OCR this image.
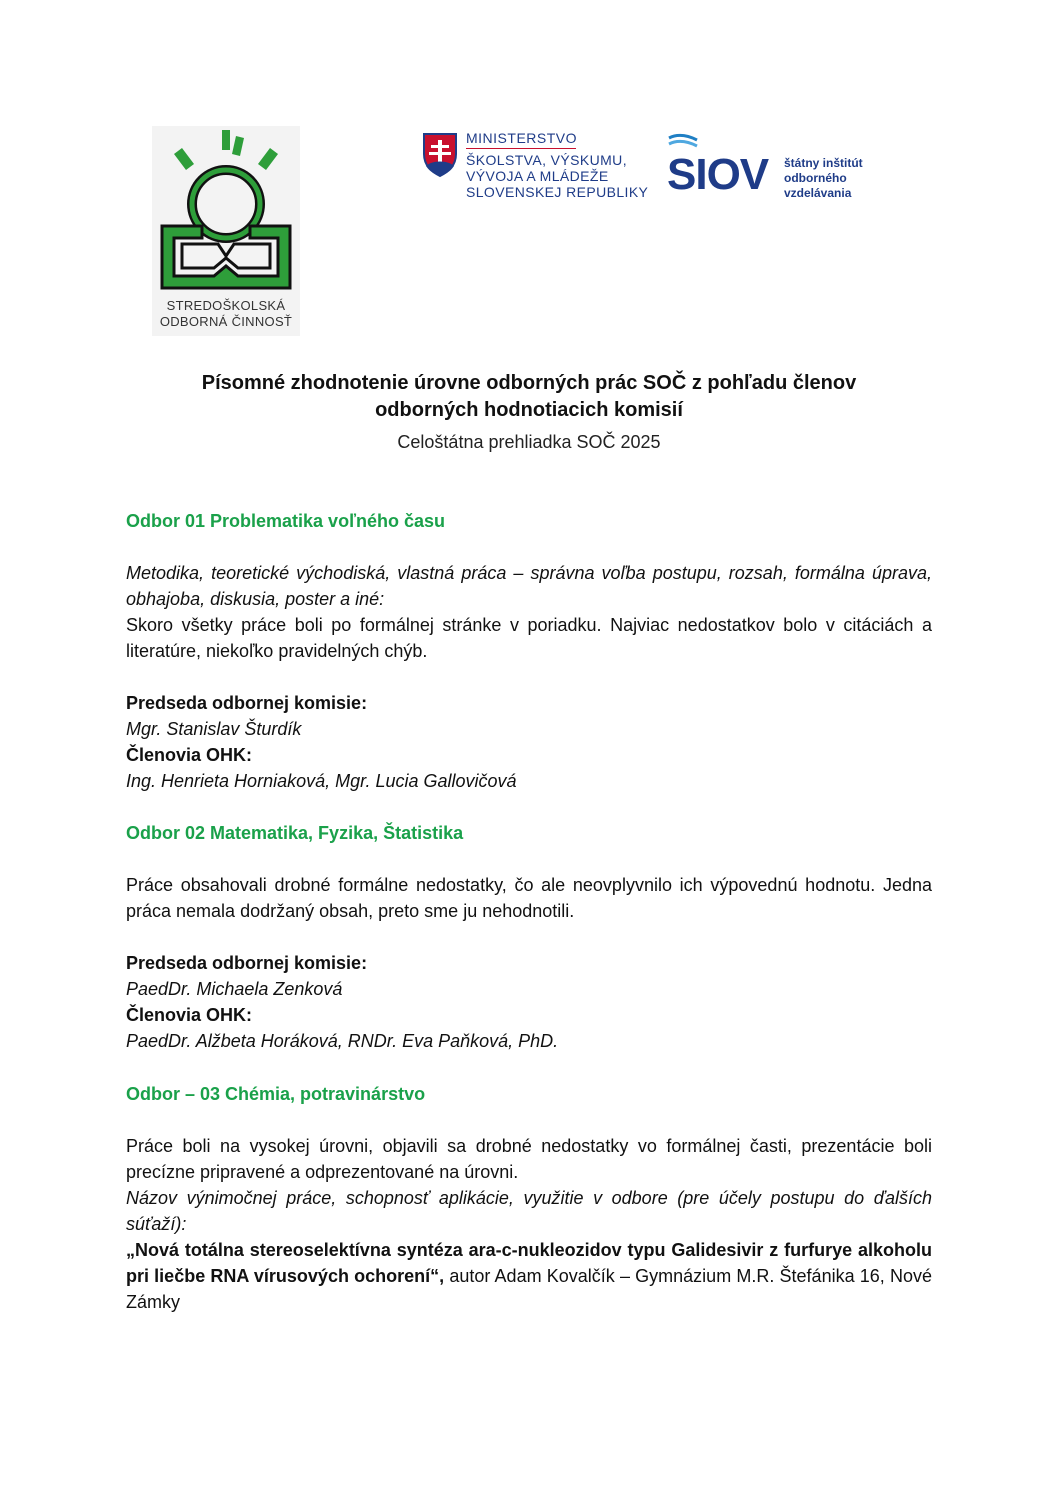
STREDOŠKOLSKÁ
ODBORNÁ ČINNOSŤ
MINISTERSTVO
ŠKOLSTVA, VÝSKUMU,
VÝVOJA A MLÁDEŽE
SLOVENSKEJ REPUBLIKY SIOV štátny inštitút
odborného
vzdelávania
Písomné zhodnotenie úrovne odborných prác SOČ z pohľadu členov
odborných hodnotiacich komisií
Celoštátna prehliadka SOČ 2025

Odbor 01 Problematika voľného času

Metodika, teoretické východiská, vlastná práca – správna voľba postupu, rozsah, formálna úprava, obhajoba, diskusia, poster a iné:

Skoro všetky práce boli po formálnej stránke v poriadku. Najviac nedostatkov bolo v citáciách a literatúre, niekoľko pravidelných chýb.

Predseda odbornej komisie:

Mgr. Stanislav Šturdík

Členovia OHK:

Ing. Henrieta Horniaková, Mgr. Lucia Gallovičová

Odbor 02 Matematika, Fyzika, Štatistika

Práce obsahovali drobné formálne nedostatky, čo ale neovplyvnilo ich výpovednú hodnotu. Jedna práca nemala dodržaný obsah, preto sme ju nehodnotili.

Predseda odbornej komisie:

PaedDr. Michaela Zenková

Členovia OHK:

PaedDr. Alžbeta Horáková, RNDr. Eva Paňková, PhD.

Odbor – 03 Chémia, potravinárstvo

Práce boli na vysokej úrovni, objavili sa drobné nedostatky vo formálnej časti, prezentácie boli precízne pripravené a odprezentované na úrovni.

Názov výnimočnej práce, schopnosť aplikácie, využitie v odbore (pre účely postupu do ďalších súťaží):

„Nová totálna stereoselektívna syntéza ara-c-nukleozidov typu Galidesivir z furfurye alkoholu pri liečbe RNA vírusových ochorení“, autor Adam Kovalčík – Gymnázium M.R. Štefánika 16, Nové Zámky
